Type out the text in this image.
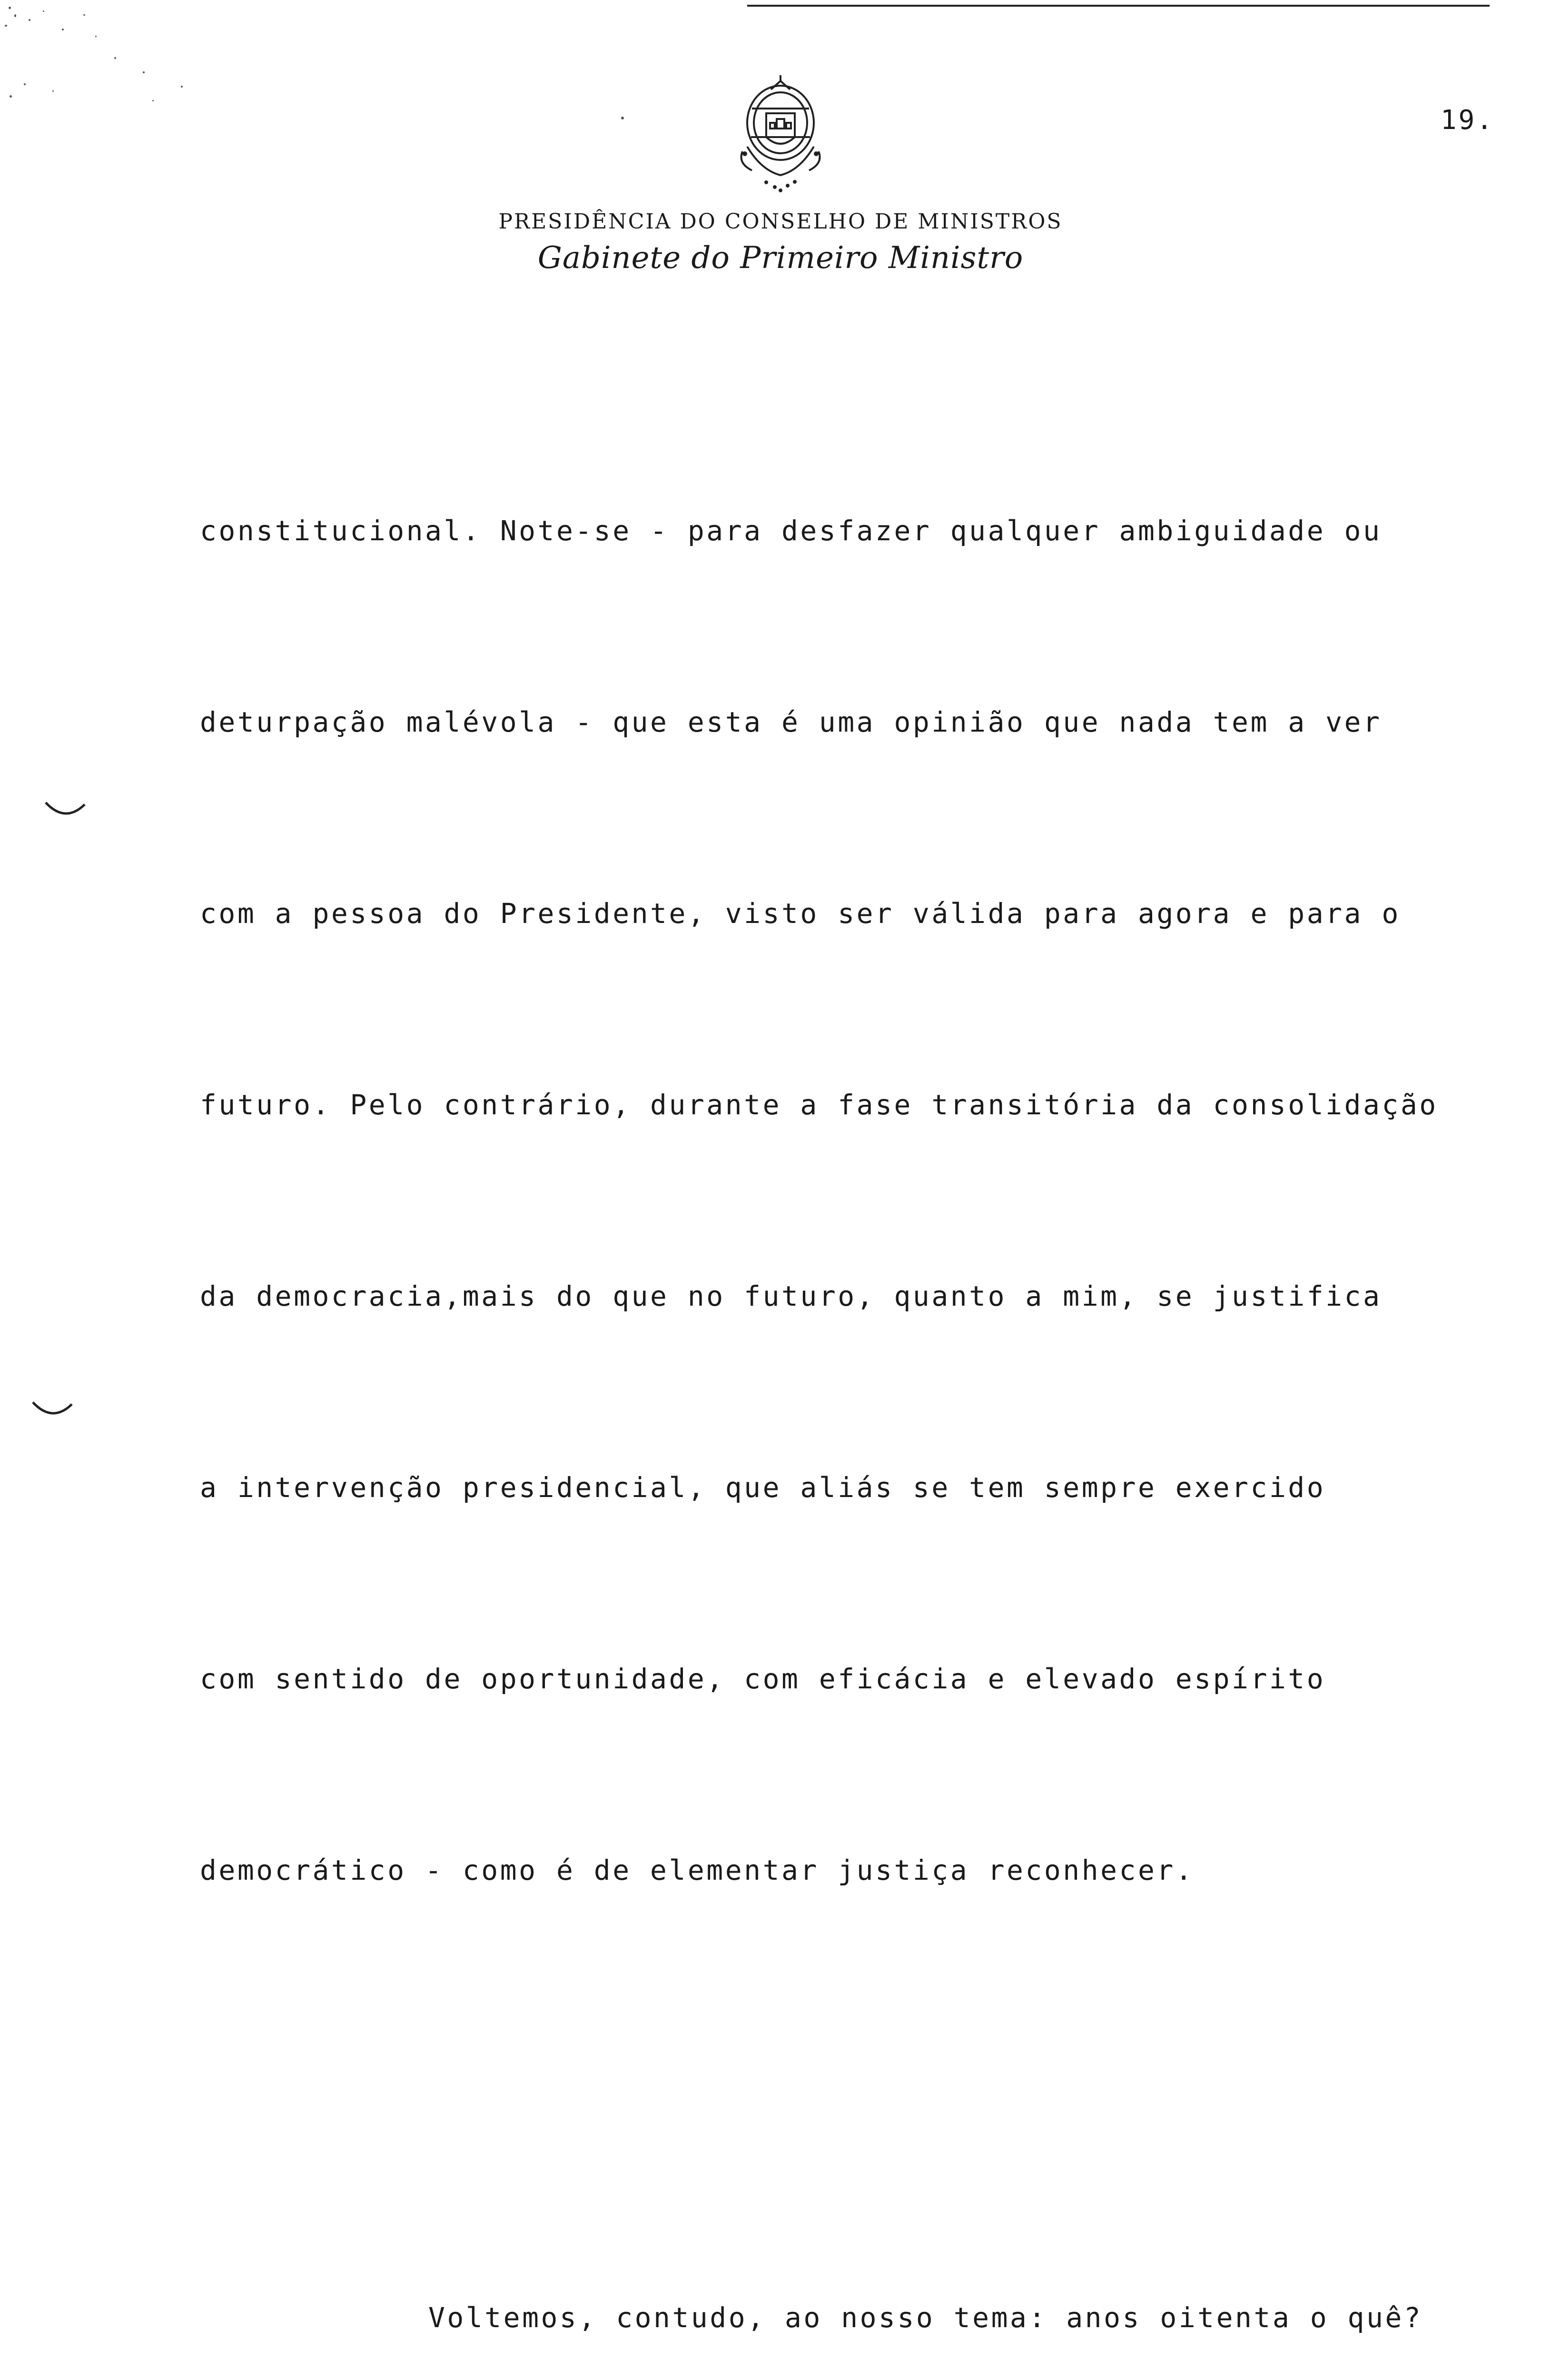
19.
PRESIDÊNCIA DO CONSELHO DE MINISTROS
Gabinete do Primeiro Ministro

constitucional. Note-se - para desfazer qualquer ambiguidade ou

deturpação malévola - que esta é uma opinião que nada tem a ver

com a pessoa do Presidente, visto ser válida para agora e para o

futuro. Pelo contrário, durante a fase transitória da consolidação

da democracia,mais do que no futuro, quanto a mim, se justifica

a intervenção presidencial, que aliás se tem sempre exercido

com sentido de oportunidade, com eficácia e elevado espírito

democrático - como é de elementar justiça reconhecer.

Voltemos, contudo, ao nosso tema: anos oitenta o quê?
